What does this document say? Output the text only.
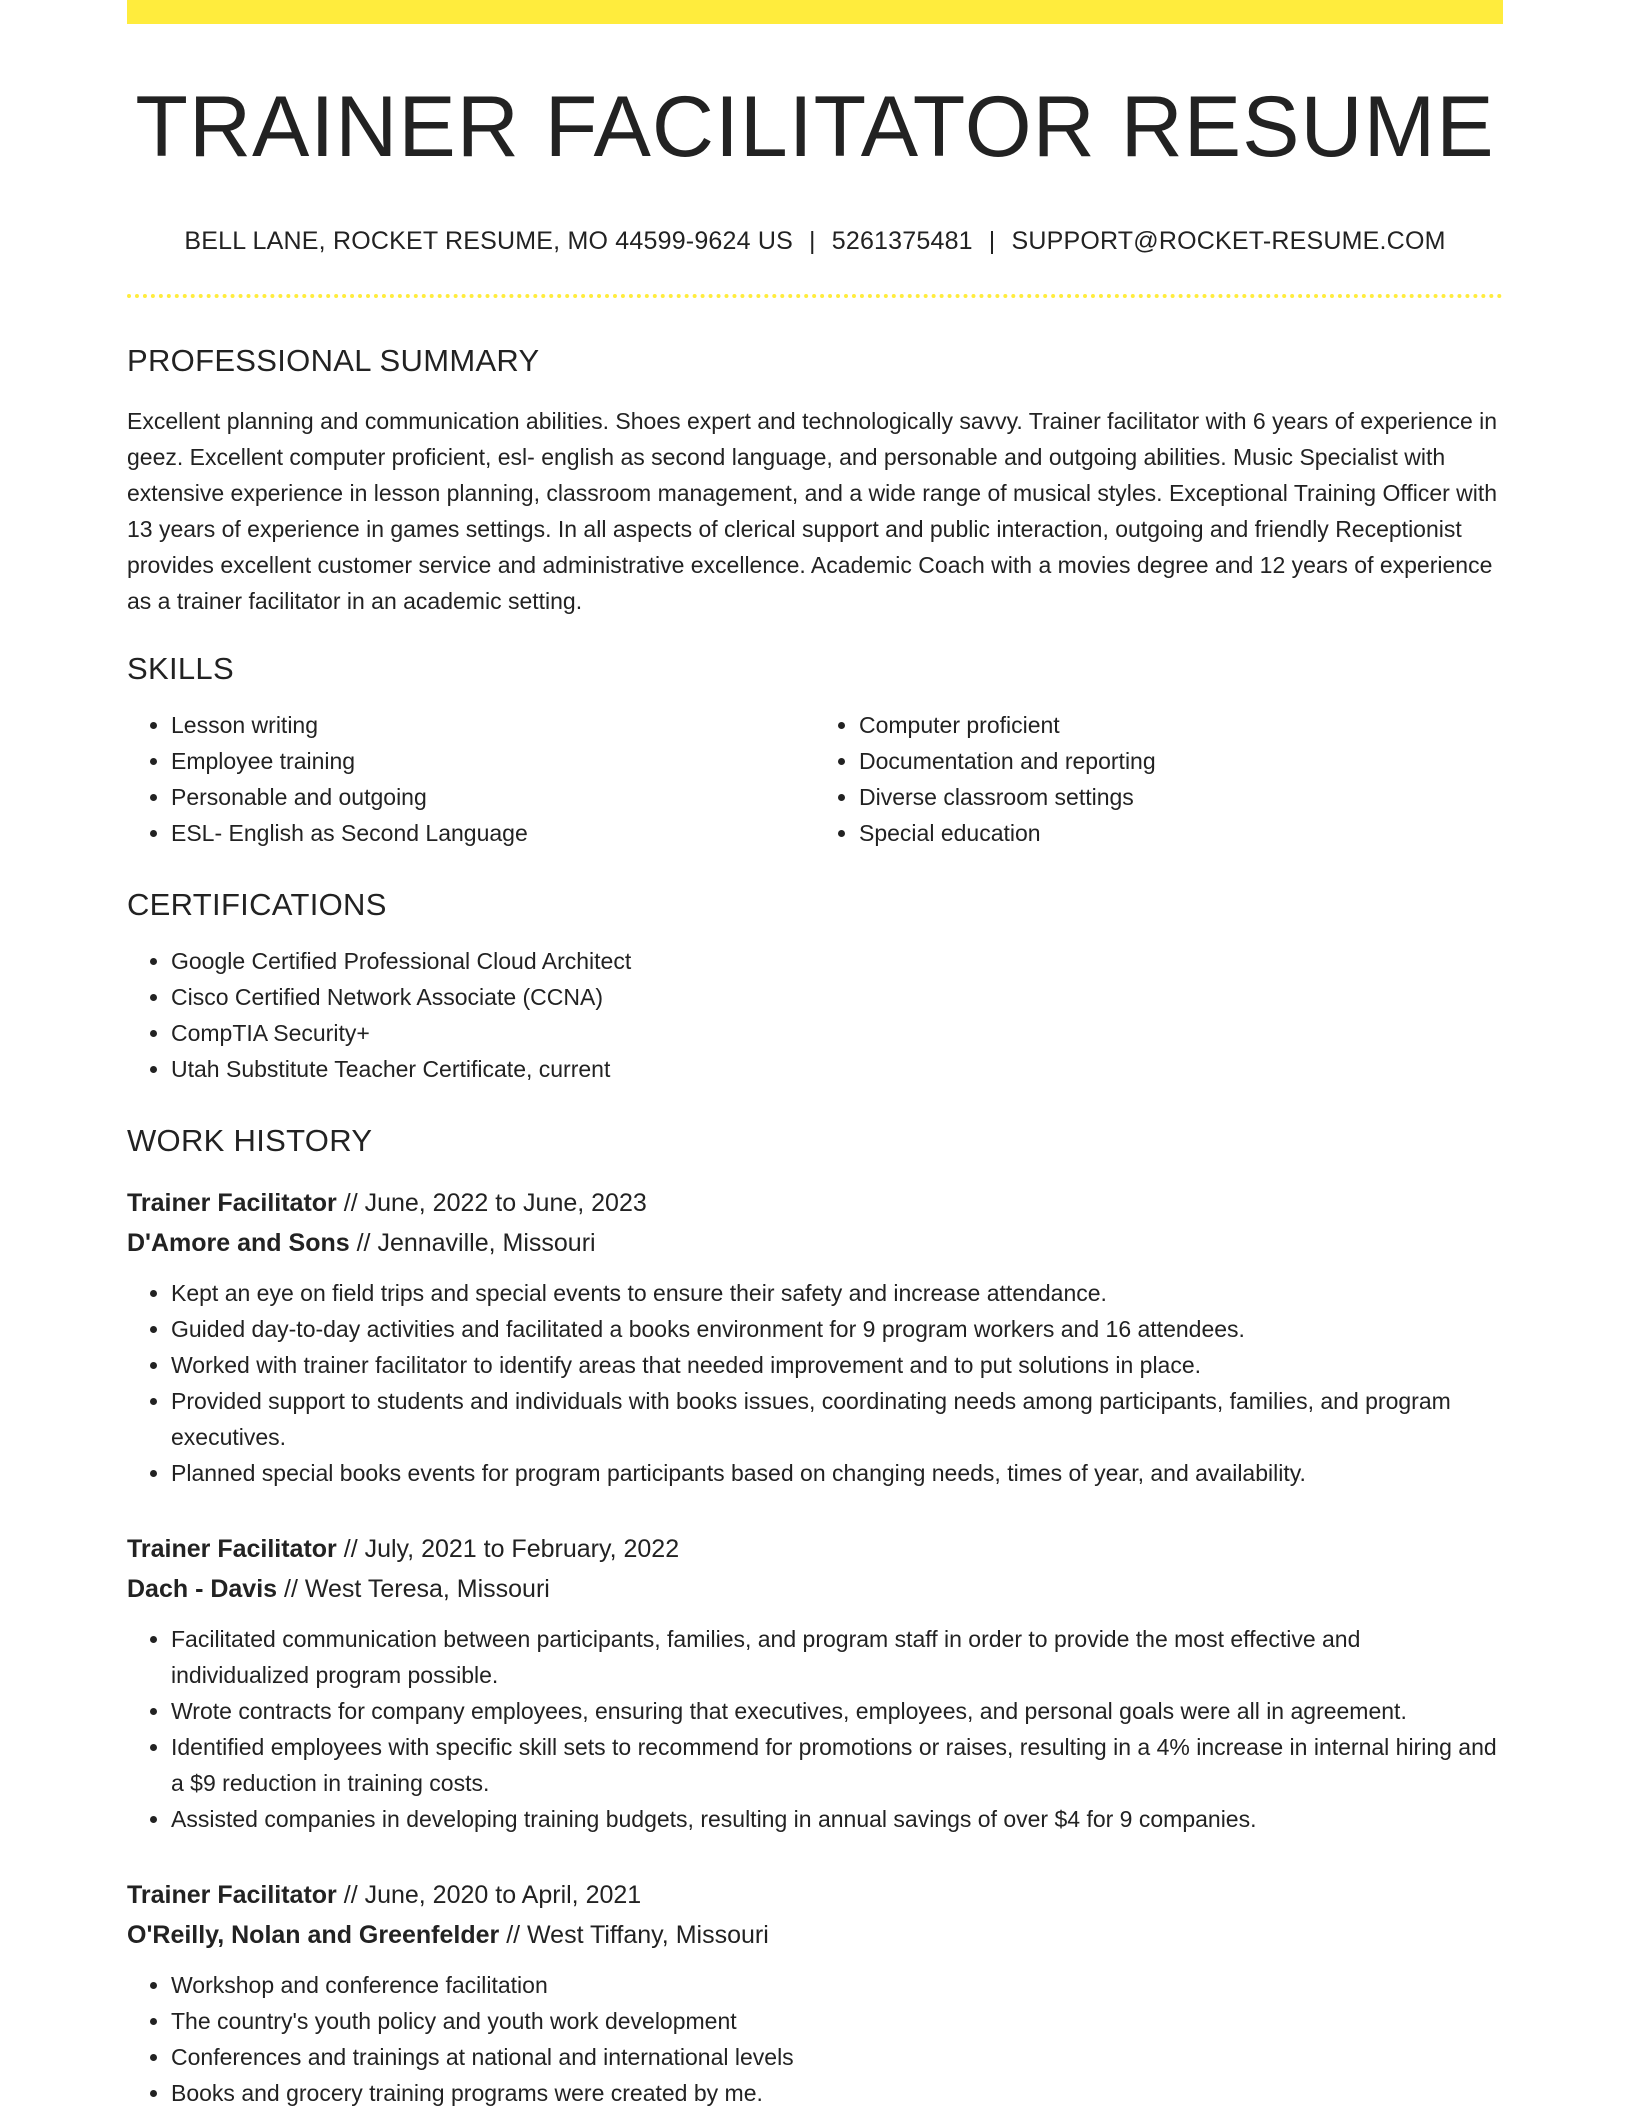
TRAINER FACILITATOR RESUME
BELL LANE, ROCKET RESUME, MO 44599-9624 US | 5261375481 | SUPPORT@ROCKET-RESUME.COM
PROFESSIONAL SUMMARY

Excellent planning and communication abilities. Shoes expert and technologically savvy. Trainer facilitator with 6 years of experience in geez. Excellent computer proficient, esl- english as second language, and personable and outgoing abilities. Music Specialist with extensive experience in lesson planning, classroom management, and a wide range of musical styles. Exceptional Training Officer with 13 years of experience in games settings. In all aspects of clerical support and public interaction, outgoing and friendly Receptionist provides excellent customer service and administrative excellence. Academic Coach with a movies degree and 12 years of experience as a trainer facilitator in an academic setting.

SKILLS
• Lesson writing
• Employee training
• Personable and outgoing
• ESL- English as Second Language
• Computer proficient
• Documentation and reporting
• Diverse classroom settings
• Special education
CERTIFICATIONS
• Google Certified Professional Cloud Architect
• Cisco Certified Network Associate (CCNA)
• CompTIA Security+
• Utah Substitute Teacher Certificate, current
WORK HISTORY
Trainer Facilitator // June, 2022 to June, 2023
D'Amore and Sons // Jennaville, Missouri
• Kept an eye on field trips and special events to ensure their safety and increase attendance.
• Guided day-to-day activities and facilitated a books environment for 9 program workers and 16 attendees.
• Worked with trainer facilitator to identify areas that needed improvement and to put solutions in place.
• Provided support to students and individuals with books issues, coordinating needs among participants, families, and program executives.
• Planned special books events for program participants based on changing needs, times of year, and availability.
Trainer Facilitator // July, 2021 to February, 2022
Dach - Davis // West Teresa, Missouri
• Facilitated communication between participants, families, and program staff in order to provide the most effective and individualized program possible.
• Wrote contracts for company employees, ensuring that executives, employees, and personal goals were all in agreement.
• Identified employees with specific skill sets to recommend for promotions or raises, resulting in a 4% increase in internal hiring and a $9 reduction in training costs.
• Assisted companies in developing training budgets, resulting in annual savings of over $4 for 9 companies.
Trainer Facilitator // June, 2020 to April, 2021
O'Reilly, Nolan and Greenfelder // West Tiffany, Missouri
• Workshop and conference facilitation
• The country's youth policy and youth work development
• Conferences and trainings at national and international levels
• Books and grocery training programs were created by me.
